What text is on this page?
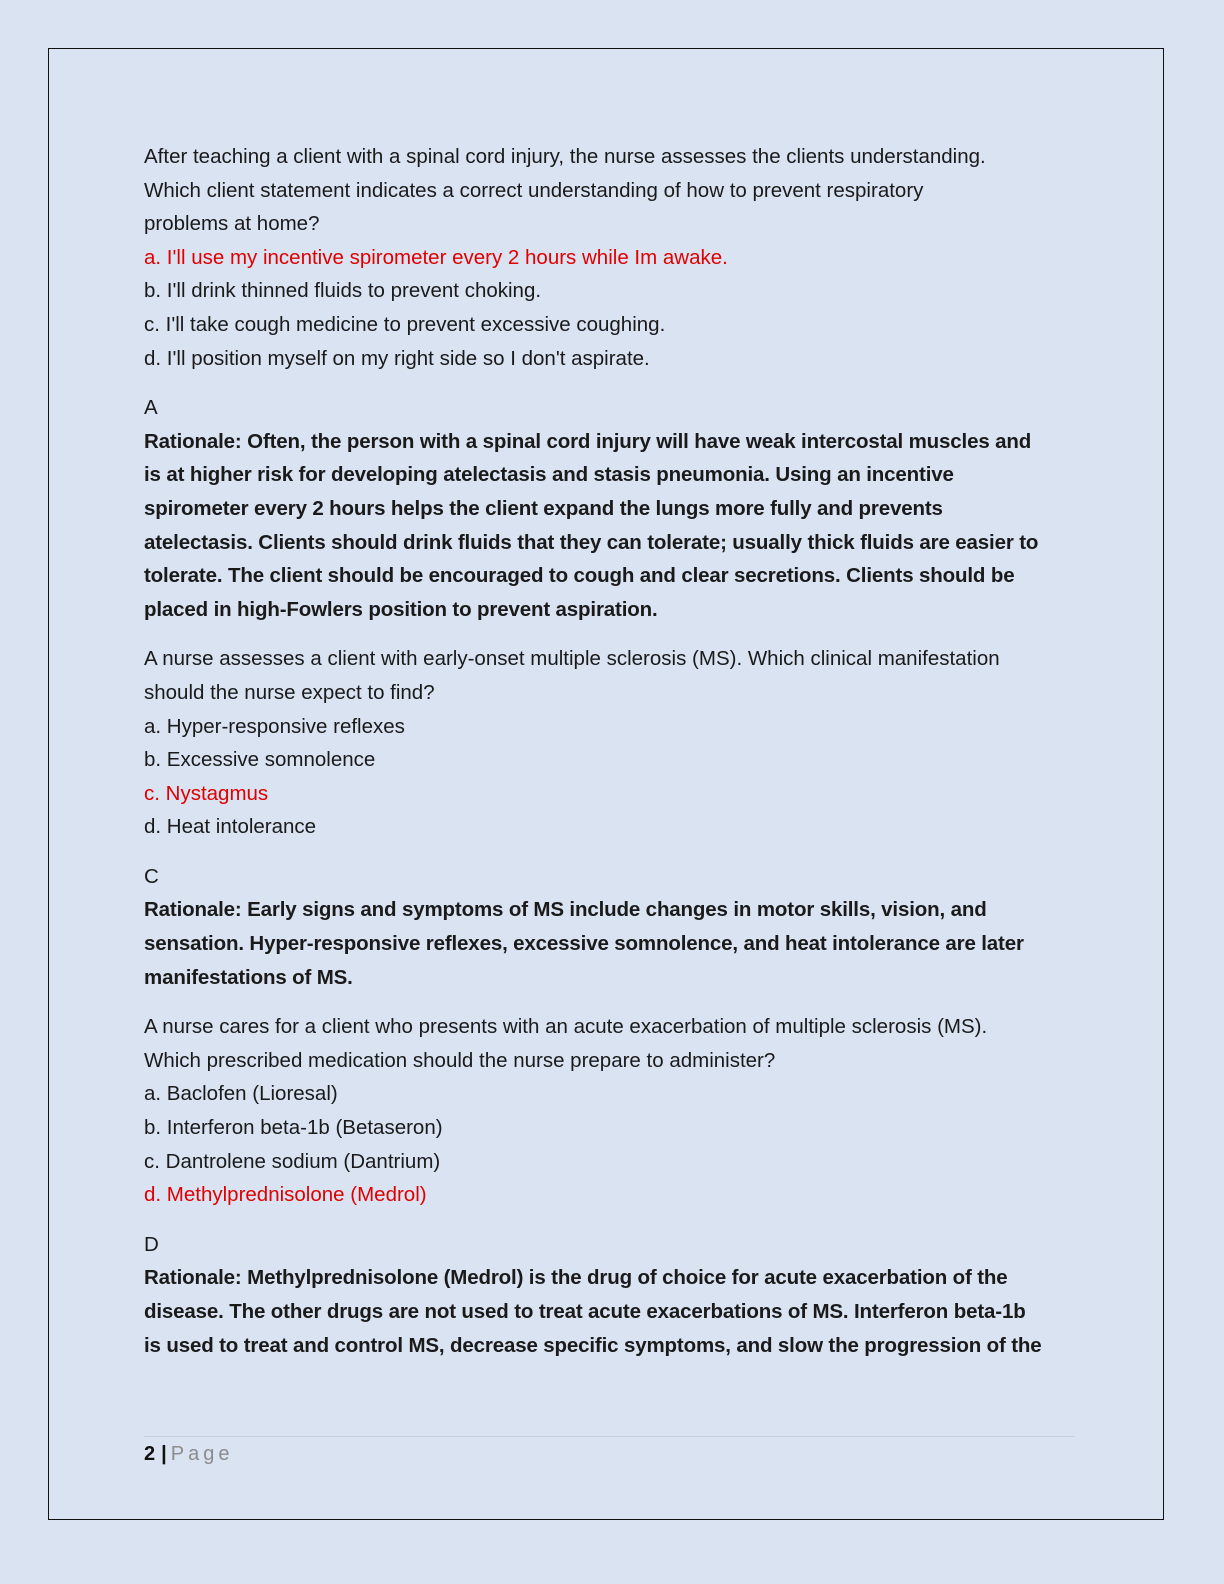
After teaching a client with a spinal cord injury, the nurse assesses the clients understanding.
Which client statement indicates a correct understanding of how to prevent respiratory
problems at home?
a. I'll use my incentive spirometer every 2 hours while Im awake.
b. I'll drink thinned fluids to prevent choking.
c. I'll take cough medicine to prevent excessive coughing.
d. I'll position myself on my right side so I don't aspirate.
A
Rationale: Often, the person with a spinal cord injury will have weak intercostal muscles and
is at higher risk for developing atelectasis and stasis pneumonia. Using an incentive
spirometer every 2 hours helps the client expand the lungs more fully and prevents
atelectasis. Clients should drink fluids that they can tolerate; usually thick fluids are easier to
tolerate. The client should be encouraged to cough and clear secretions. Clients should be
placed in high-Fowlers position to prevent aspiration.
A nurse assesses a client with early-onset multiple sclerosis (MS). Which clinical manifestation
should the nurse expect to find?
a. Hyper-responsive reflexes
b. Excessive somnolence
c. Nystagmus
d. Heat intolerance
C
Rationale: Early signs and symptoms of MS include changes in motor skills, vision, and
sensation. Hyper-responsive reflexes, excessive somnolence, and heat intolerance are later
manifestations of MS.
A nurse cares for a client who presents with an acute exacerbation of multiple sclerosis (MS).
Which prescribed medication should the nurse prepare to administer?
a. Baclofen (Lioresal)
b. Interferon beta-1b (Betaseron)
c. Dantrolene sodium (Dantrium)
d. Methylprednisolone (Medrol)
D
Rationale: Methylprednisolone (Medrol) is the drug of choice for acute exacerbation of the
disease. The other drugs are not used to treat acute exacerbations of MS. Interferon beta-1b
is used to treat and control MS, decrease specific symptoms, and slow the progression of the
2 | Page
